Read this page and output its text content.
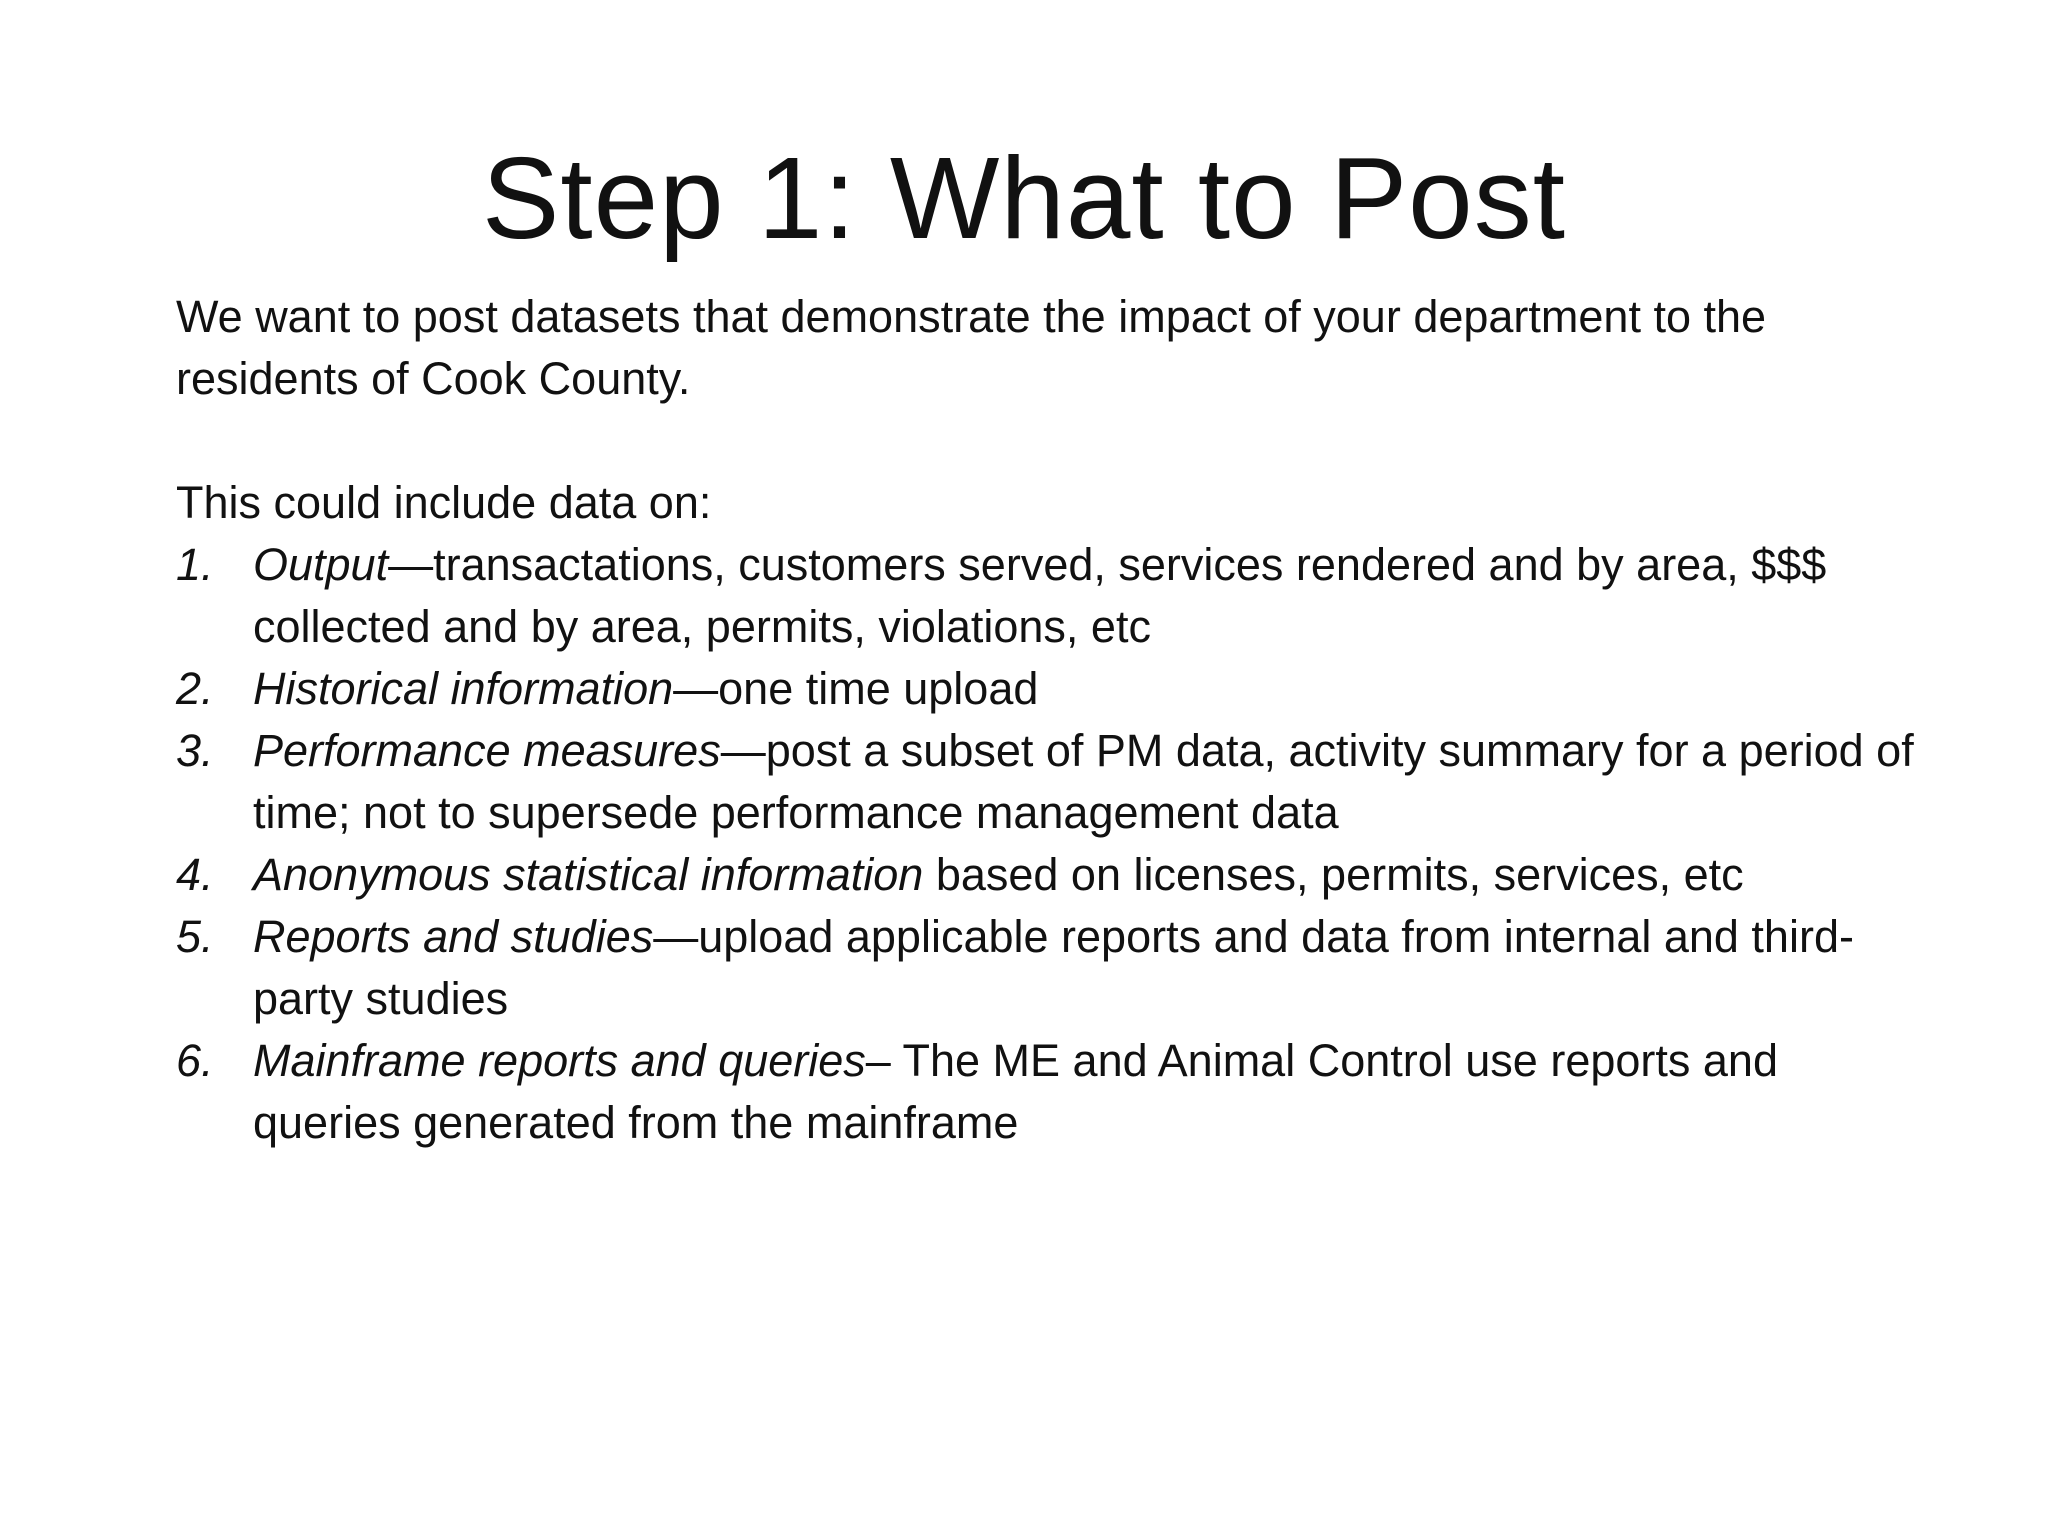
Step 1: What to Post

We want to post datasets that demonstrate the impact of your department to the residents of Cook County.

This could include data on:

1. Output—transactations, customers served, services rendered and by area, $$$ collected and by area, permits, violations, etc
2. Historical information—one time upload
3. Performance measures—post a subset of PM data, activity summary for a period of time; not to supersede performance management data
4. Anonymous statistical information based on licenses, permits, services, etc
5. Reports and studies—upload applicable reports and data from internal and third-party studies
6. Mainframe reports and queries– The ME and Animal Control use reports and queries generated from the mainframe
